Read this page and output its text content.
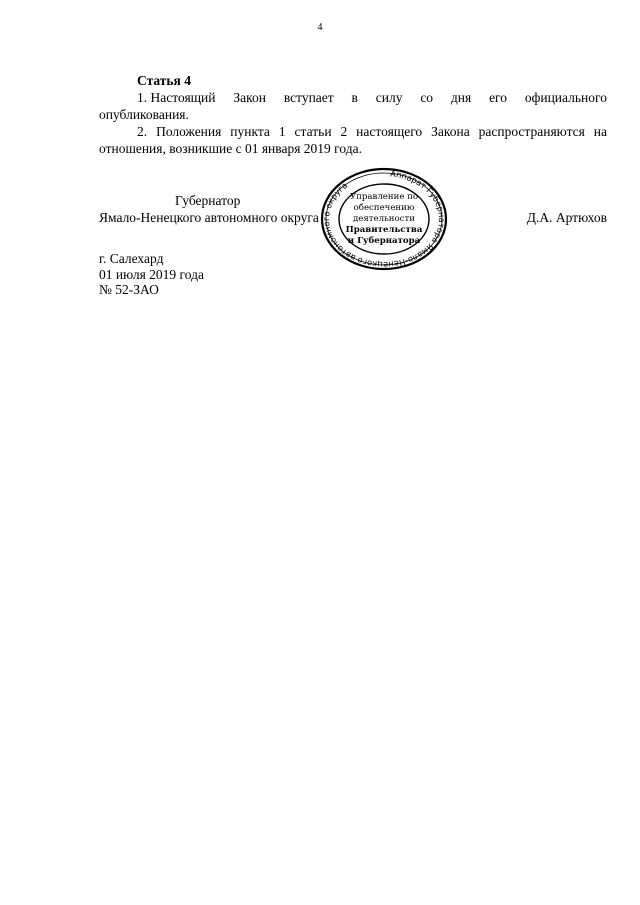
4

Статья 4

1. Настоящий Закон вступает в силу со дня его официального
опубликования.

2. Положения пункта 1 статьи 2 настоящего Закона распространяются на отношения, возникшие с 01 января 2019 года.

Губернатор
Ямало-Ненецкого автономного округа	Д.А. Артюхов
Аппарат Губернатора Ямало-Ненецкого автономного округа
Управление по
обеспечению
деятельности
Правительства
и Губернатора
г. Салехард
01 июля 2019 года
№ 52-ЗАО
